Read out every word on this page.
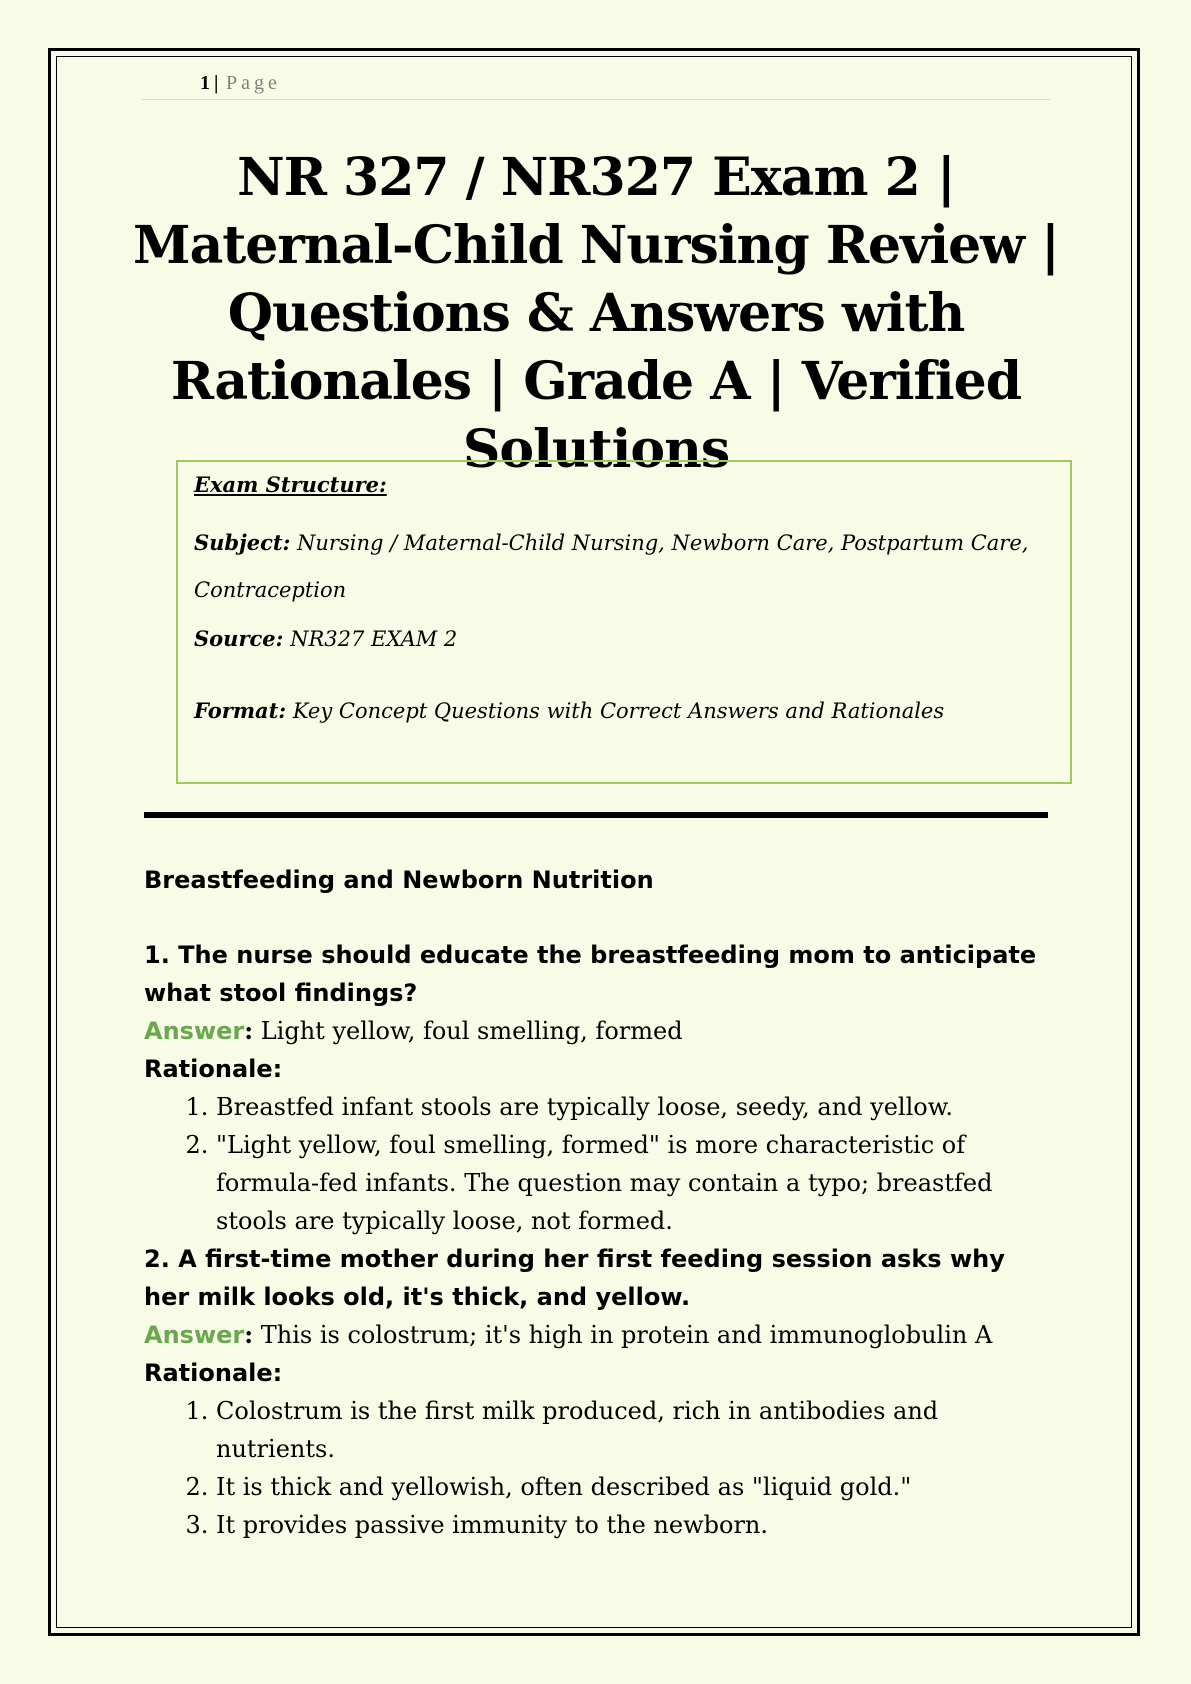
1 | Page
NR 327 / NR327 Exam 2 | Maternal-Child Nursing Review | Questions & Answers with Rationales | Grade A | Verified Solutions
Exam Structure:
Subject: Nursing / Maternal-Child Nursing, Newborn Care, Postpartum Care,
Contraception
Source: NR327 EXAM 2
Format: Key Concept Questions with Correct Answers and Rationales
Breastfeeding and Newborn Nutrition

1. The nurse should educate the breastfeeding mom to anticipate what stool findings?

Answer: Light yellow, foul smelling, formed

Rationale:

1. Breastfed infant stools are typically loose, seedy, and yellow.
2. "Light yellow, foul smelling, formed" is more characteristic of formula-fed infants. The question may contain a typo; breastfed stools are typically loose, not formed.

2. A first-time mother during her first feeding session asks why her milk looks old, it's thick, and yellow.

Answer: This is colostrum; it's high in protein and immunoglobulin A

Rationale:

1. Colostrum is the first milk produced, rich in antibodies and nutrients.
2. It is thick and yellowish, often described as "liquid gold."
3. It provides passive immunity to the newborn.
